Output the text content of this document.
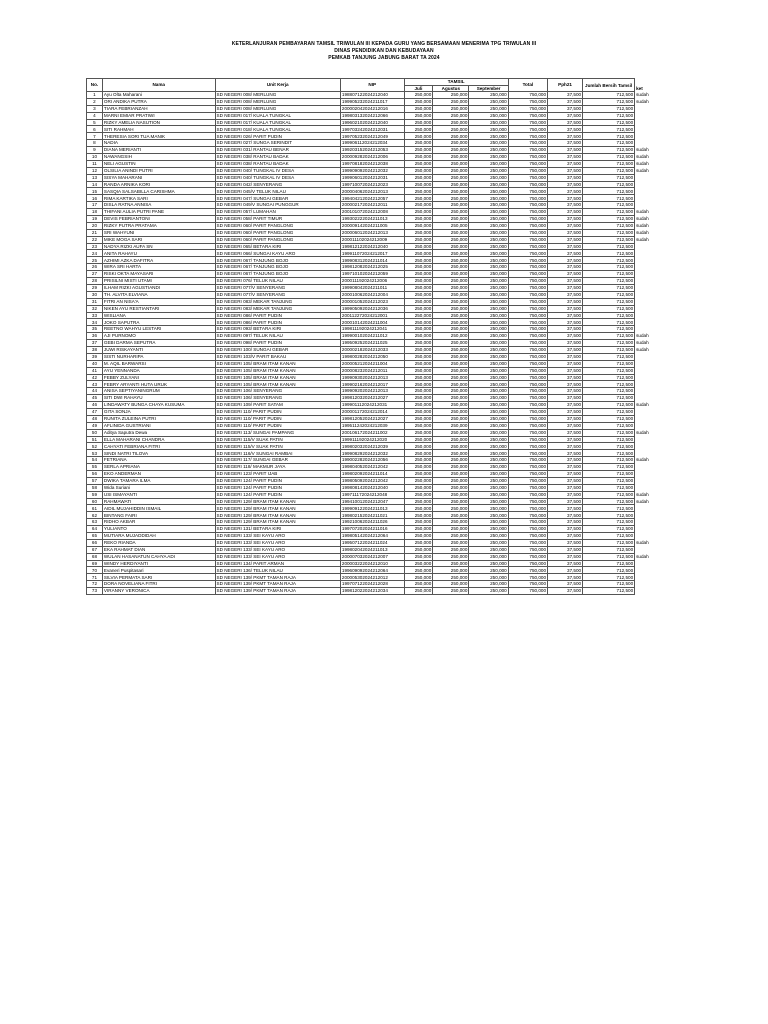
KETERLANJURAN PEMBAYARAN TAMSIL TRIWULAN III KEPADA GURU YANG BERSAMAAN MENERIMA TPG TRIWULAN III
DINAS PENDIDIKAN DAN KEBUDAYAAN
PEMKAB TANJUNG JABUNG BARAT TA 2024
No.	Nama	Unit Kerja	NIP	TAMSIL			Total	Pph21	Jumlah Bersih Tamsil	ket
				Juli	Agustus	September				
1	Ayu Olta Maharani	SD NEGERI 008/ MERLUNG	198807122024212040	250,000	250,000	250,000	750,000	37,500	712,500	sudah
2	ORI ANDIKA PUTRA	SD NEGERI 008/ MERLUNG	199905232024211017	250,000	250,000	250,000	750,000	37,500	712,500	sudah
3	TIARA FEBRIANZAH	SD NEGERI 008/ MERLUNG	200002042024212016	250,000	250,000	250,000	750,000	37,500	712,500	
4	MARNI EMIAR PRATIWI	SD NEGERI 017/ KUALA TUNGKAL	199803132024212066	250,000	250,000	250,000	750,000	37,500	712,500	
5	RIZKY AMELIA NASUTION	SD NEGERI 017/ KUALA TUNGKAL	199602102024212040	250,000	250,000	250,000	750,000	37,500	712,500	
6	SITI RAHMAH	SD NEGERI 018/ KUALA TUNGKAL	199703242024212031	250,000	250,000	250,000	750,000	37,500	712,500	
7	THERESIA SORI TUA MANIK	SD NEGERI 026/ PARIT PUDIN	199705232024212049	250,000	250,000	250,000	750,000	37,500	712,500	
8	NADIA	SD NEGERI 027/ SUNGA SERINDIT	199906112024212034	250,000	250,000	250,000	750,000	37,500	712,500	
9	DIANA MERIANTI	SD NEGERI 031/ RANTAU BENAR	199203152024212053	250,000	250,000	250,000	750,000	37,500	712,500	sudah
10	NAWANGSIH	SD NEGERI 038/ RANTAU BADAK	200009282024212006	250,000	250,000	250,000	750,000	37,500	712,500	sudah
11	NELI AGUSTIN	SD NEGERI 038/ RANTAU BADAK	199708182024212038	250,000	250,000	250,000	750,000	37,500	712,500	sudah
12	OLSILIA ANINDI PUTRI	SD NEGERI 040/ TUNGKAL IV DESA	199909092024212032	250,000	250,000	250,000	750,000	37,500	712,500	sudah
13	SISYA MAHARANI	SD NEGERI 040/ TUNGKAL IV DESA	199906012024212031	250,000	250,000	250,000	750,000	37,500	712,500	
14	RANDA ARNIKA KORI	SD NEGERI 042/ SENYERANG	199710072024212023	250,000	250,000	250,000	750,000	37,500	712,500	
15	SASQIA SALSABILLA CARISHMA	SD NEGERI 045/V TELUK NILAU	200004062024212013	250,000	250,000	250,000	750,000	37,500	712,500	
16	RIMA KARTIKA SARI	SD NEGERI 047/ SUNGAI GEBAR	199404212024212057	250,000	250,000	250,000	750,000	37,500	712,500	
17	DISLA RATNA ANNISA	SD NEGERI 049/V SUNGAI PUNGGUR	200002172024212011	250,000	250,000	250,000	750,000	37,500	712,500	
18	THIFANI AULIA PUTRI PANE	SD NEGERI 057/ LUMAHAN	200101072024212008	250,000	250,000	250,000	750,000	37,500	712,500	sudah
19	DEVIS FEBRIANTONI	SD NEGERI 058/ PARIT TIMUR	199302222024211013	250,000	250,000	250,000	750,000	37,500	712,500	sudah
20	RIZKY PUTRA PRATAMA	SD NEGERI 060/ PARIT PANGLONG	200009142024211005	250,000	250,000	250,000	750,000	37,500	712,500	sudah
21	SRI WAHYUNI	SD NEGERI 060/ PARIT PANGLONG	200006012024212013	250,000	250,000	250,000	750,000	37,500	712,500	sudah
22	MIKE MOGA SARI	SD NEGERI 060/ PARIT PANGLONG	200011102024212009	250,000	250,000	250,000	750,000	37,500	712,500	sudah
23	NADYA RIZKI AUFA SN	SD NEGERI 065/ BETARA KIRI	199812122024212040	250,000	250,000	250,000	750,000	37,500	712,500	
24	ANITA RAHAYU	SD NEGERI 066/ SUNGAI KAYU ARO	199911072024212017	250,000	250,000	250,000	750,000	37,500	712,500	
25	AZHIMI AZKA DAFITRA	SD NEGERI 067/ TANJUNG BOJO	199908312024211014	250,000	250,000	250,000	750,000	37,500	712,500	
26	WIRA SRI HARTA	SD NEGERI 067/ TANJUNG BOJO	199812082024212025	250,000	250,000	250,000	750,000	37,500	712,500	
27	RISKI OKTA MAYASARI	SD NEGERI 067/ TANJUNG BOJO	199710102024212059	250,000	250,000	250,000	750,000	37,500	712,500	
28	PRISILNI MISTI UTAMI	SD NEGERI 076/ TELUK NILAU	200011192024212006	250,000	250,000	250,000	750,000	37,500	712,500	
29	ILHAM RIZKI AGUSTIANDI	SD NEGERI 077/V SENYERANG	199908042024211011	250,000	250,000	250,000	750,000	37,500	712,500	
30	TH. ALVITA ELVIANA	SD NEGERI 077/V SENYERANG	200010062024212004	250,000	250,000	250,000	750,000	37,500	712,500	
31	FITRI AN NISA'A	SD NEGERI 083/ MEKAR TANJUNG	200001052024212023	250,000	250,000	250,000	750,000	37,500	712,500	
32	NIKEN AYU RESTIANTARI	SD NEGERI 083/ MEKAR TANJUNG	199905092024212036	250,000	250,000	250,000	750,000	37,500	712,500	
33	WISLIANA	SD NEGERI 086/ PARIT PUDIN	200112272024212001	250,000	250,000	250,000	750,000	37,500	712,500	
34	JOKO SAPUTRA	SD NEGERI 086/ PARIT PUDIN	200010142024211004	250,000	250,000	250,000	750,000	37,500	712,500	
35	REETNO WAHYU LESTARI	SD NEGERI 093/ BETARA KIRI	199811192024212041	250,000	250,000	250,000	750,000	37,500	712,500	
36	AJI PURNOMO	SD NEGERI 097/ TELUK NILAU	199900102024211012	250,000	250,000	250,000	750,000	37,500	712,500	sudah
37	GEBI DARMA SEPUTRA	SD NEGERI 098/ PARIT PUDIN	199509252024211025	250,000	250,000	250,000	750,000	37,500	712,500	sudah
38	JUWI RISKAYANTI	SD NEGERI 100/ SUNGAI GEBAR	200002182024212033	250,000	250,000	250,000	750,000	37,500	712,500	sudah
39	SISTI NURHARIPA	SD NEGERI 103/V PARIT BAKAU	199800282024212050	250,000	250,000	250,000	750,000	37,500	712,500	
40	M. AQIL BARWARSI	SD NEGERI 105/ BRAM ITAM KANAN	200005212024211004	250,000	250,000	250,000	750,000	37,500	712,500	
41	AYU YENNANDA	SD NEGERI 105/ BRAM ITAM KANAN	200008232024212011	250,000	250,000	250,000	750,000	37,500	712,500	
42	FEBBY ZULYANI	SD NEGERI 105/ BRAM ITAM KANAN	199909302024212013	250,000	250,000	250,000	750,000	37,500	712,500	
43	FEBRY ARYANTI HUTA URUK	SD NEGERI 105/ BRAM ITAM KANAN	199902162024212017	250,000	250,000	250,000	750,000	37,500	712,500	
44	ANISA SEPTIYANINGRUM	SD NEGERI 106/ SENYERANG	199909202024212013	250,000	250,000	250,000	750,000	37,500	712,500	
45	SITI DWI RAHAYU	SD NEGERI 106/ SENYERANG	199812032024212027	250,000	250,000	250,000	750,000	37,500	712,500	
46	LINDAWATY BUNGA CHAYA KUSUMA	SD NEGERI 109/ PARIT SATAM	199901112024212031	250,000	250,000	250,000	750,000	37,500	712,500	sudah
47	GITA SONJA	SD NEGERI 110/ PARIT PUDIN	200001172024212014	250,000	250,000	250,000	750,000	37,500	712,500	
48	RUNITA ZULEINA PUTRI	SD NEGERI 110/ PARIT PUDIN	199812052024212027	250,000	250,000	250,000	750,000	37,500	712,500	
49	AFLINIDA GUSTRIANI	SD NEGERI 110/ PARIT PUDIN	199511242024212039	250,000	250,000	250,000	750,000	37,500	712,500	
50	Aditya Saputra Dewa	SD NEGERI 113/ SUNGAI PAMPANG	200106172024211002	250,000	250,000	250,000	750,000	37,500	712,500	sudah
51	ELLA MAHARANI CHANDRA	SD NEGERI 115/V SUAK PATIN	199911192024212020	250,000	250,000	250,000	750,000	37,500	712,500	
52	CAHYATI FEBRIANA FITRI	SD NEGERI 115/V SUAK PATIN	199802032024212039	250,000	250,000	250,000	750,000	37,500	712,500	
53	SINDI NATRI TILOVA	SD NEGERI 116/V SUNGAI RAMBAI	199908292024212032	250,000	250,000	250,000	750,000	37,500	712,500	
54	FETRIANA	SD NEGERI 117/ SUNGAI GEBAR	199002282024212056	250,000	250,000	250,000	750,000	37,500	712,500	sudah
55	SERLA APRIANA	SD NEGERI 118/ MAKMUR JAYA	199804052024212042	250,000	250,000	250,000	750,000	37,500	712,500	
56	EKO ANDERMAN	SD NEGERI 123/ PARIT IJAB	199802092024211014	250,000	250,000	250,000	750,000	37,500	712,500	
57	DWIKA TAMARA ILMA	SD NEGERI 124/ PARIT PUDIN	199805092024212042	250,000	250,000	250,000	750,000	37,500	712,500	
58	Wida Suriani	SD NEGERI 124/ PARIT PUDIN	199808142024212040	250,000	250,000	250,000	750,000	37,500	712,500	
59	USI ISMAYANTI	SD NEGERI 124/ PARIT PUDIN	199711172024212048	250,000	250,000	250,000	750,000	37,500	712,500	sudah
60	RAHMAWATI	SD NEGERI 129/ BRAM ITAM KANAN	199410012024212047	250,000	250,000	250,000	750,000	37,500	712,500	sudah
61	AIDIL MUJAHIDDIN ISMAIL	SD NEGERI 129/ BRAM ITAM KANAN	199909122024211013	250,000	250,000	250,000	750,000	37,500	712,500	
62	BINTANG FAIRI	SD NEGERI 129/ BRAM ITAM KANAN	199802152024211021	250,000	250,000	250,000	750,000	37,500	712,500	
63	RIDHO AKBAR	SD NEGERI 129/ BRAM ITAM KANAN	199210062024211026	250,000	250,000	250,000	750,000	37,500	712,500	
64	YULIANTO	SD NEGERI 131/ BETARA KIRI	199707202024211016	250,000	250,000	250,000	750,000	37,500	712,500	
65	MUTIARA MUJADDIDAH	SD NEGERI 133/ SEI KAYU ARO	199805142024212064	250,000	250,000	250,000	750,000	37,500	712,500	
66	REKO RIANDA	SD NEGERI 133/ SEI KAYU ARO	199507122024211024	250,000	250,000	250,000	750,000	37,500	712,500	sudah
67	EKA RAHMAT DIAN	SD NEGERI 133/ SEI KAYU ARO	199802042024211013	250,000	250,000	250,000	750,000	37,500	712,500	
68	WULAN HASANATUN CAHYA ADI	SD NEGERI 133/ SEI KAYU ARO	200007032024212007	250,000	250,000	250,000	750,000	37,500	712,500	sudah
69	WINDY HERDIYANTI	SD NEGERI 134/ PARIT ARMAN	200003222024212010	250,000	250,000	250,000	750,000	37,500	712,500	
70	Evaneri Puspitasari	SD NEGERI 136/ TELUK NILAU	199609092024212064	250,000	250,000	250,000	750,000	37,500	712,500	
71	SILVIA PERMATA SARI	SD NEGERI 139/ PKMT TAMAN RAJA	200005302024212012	250,000	250,000	250,000	750,000	37,500	712,500	
72	DORA NOVELIANA FITRI	SD NEGERI 139/ PKMT TAMAN RAJA	199707122024212028	250,000	250,000	250,000	750,000	37,500	712,500	
73	VIRANNY VERONICA	SD NEGERI 139/ PKMT TAMAN RAJA	199812022024212034	250,000	250,000	250,000	750,000	37,500	712,500	
